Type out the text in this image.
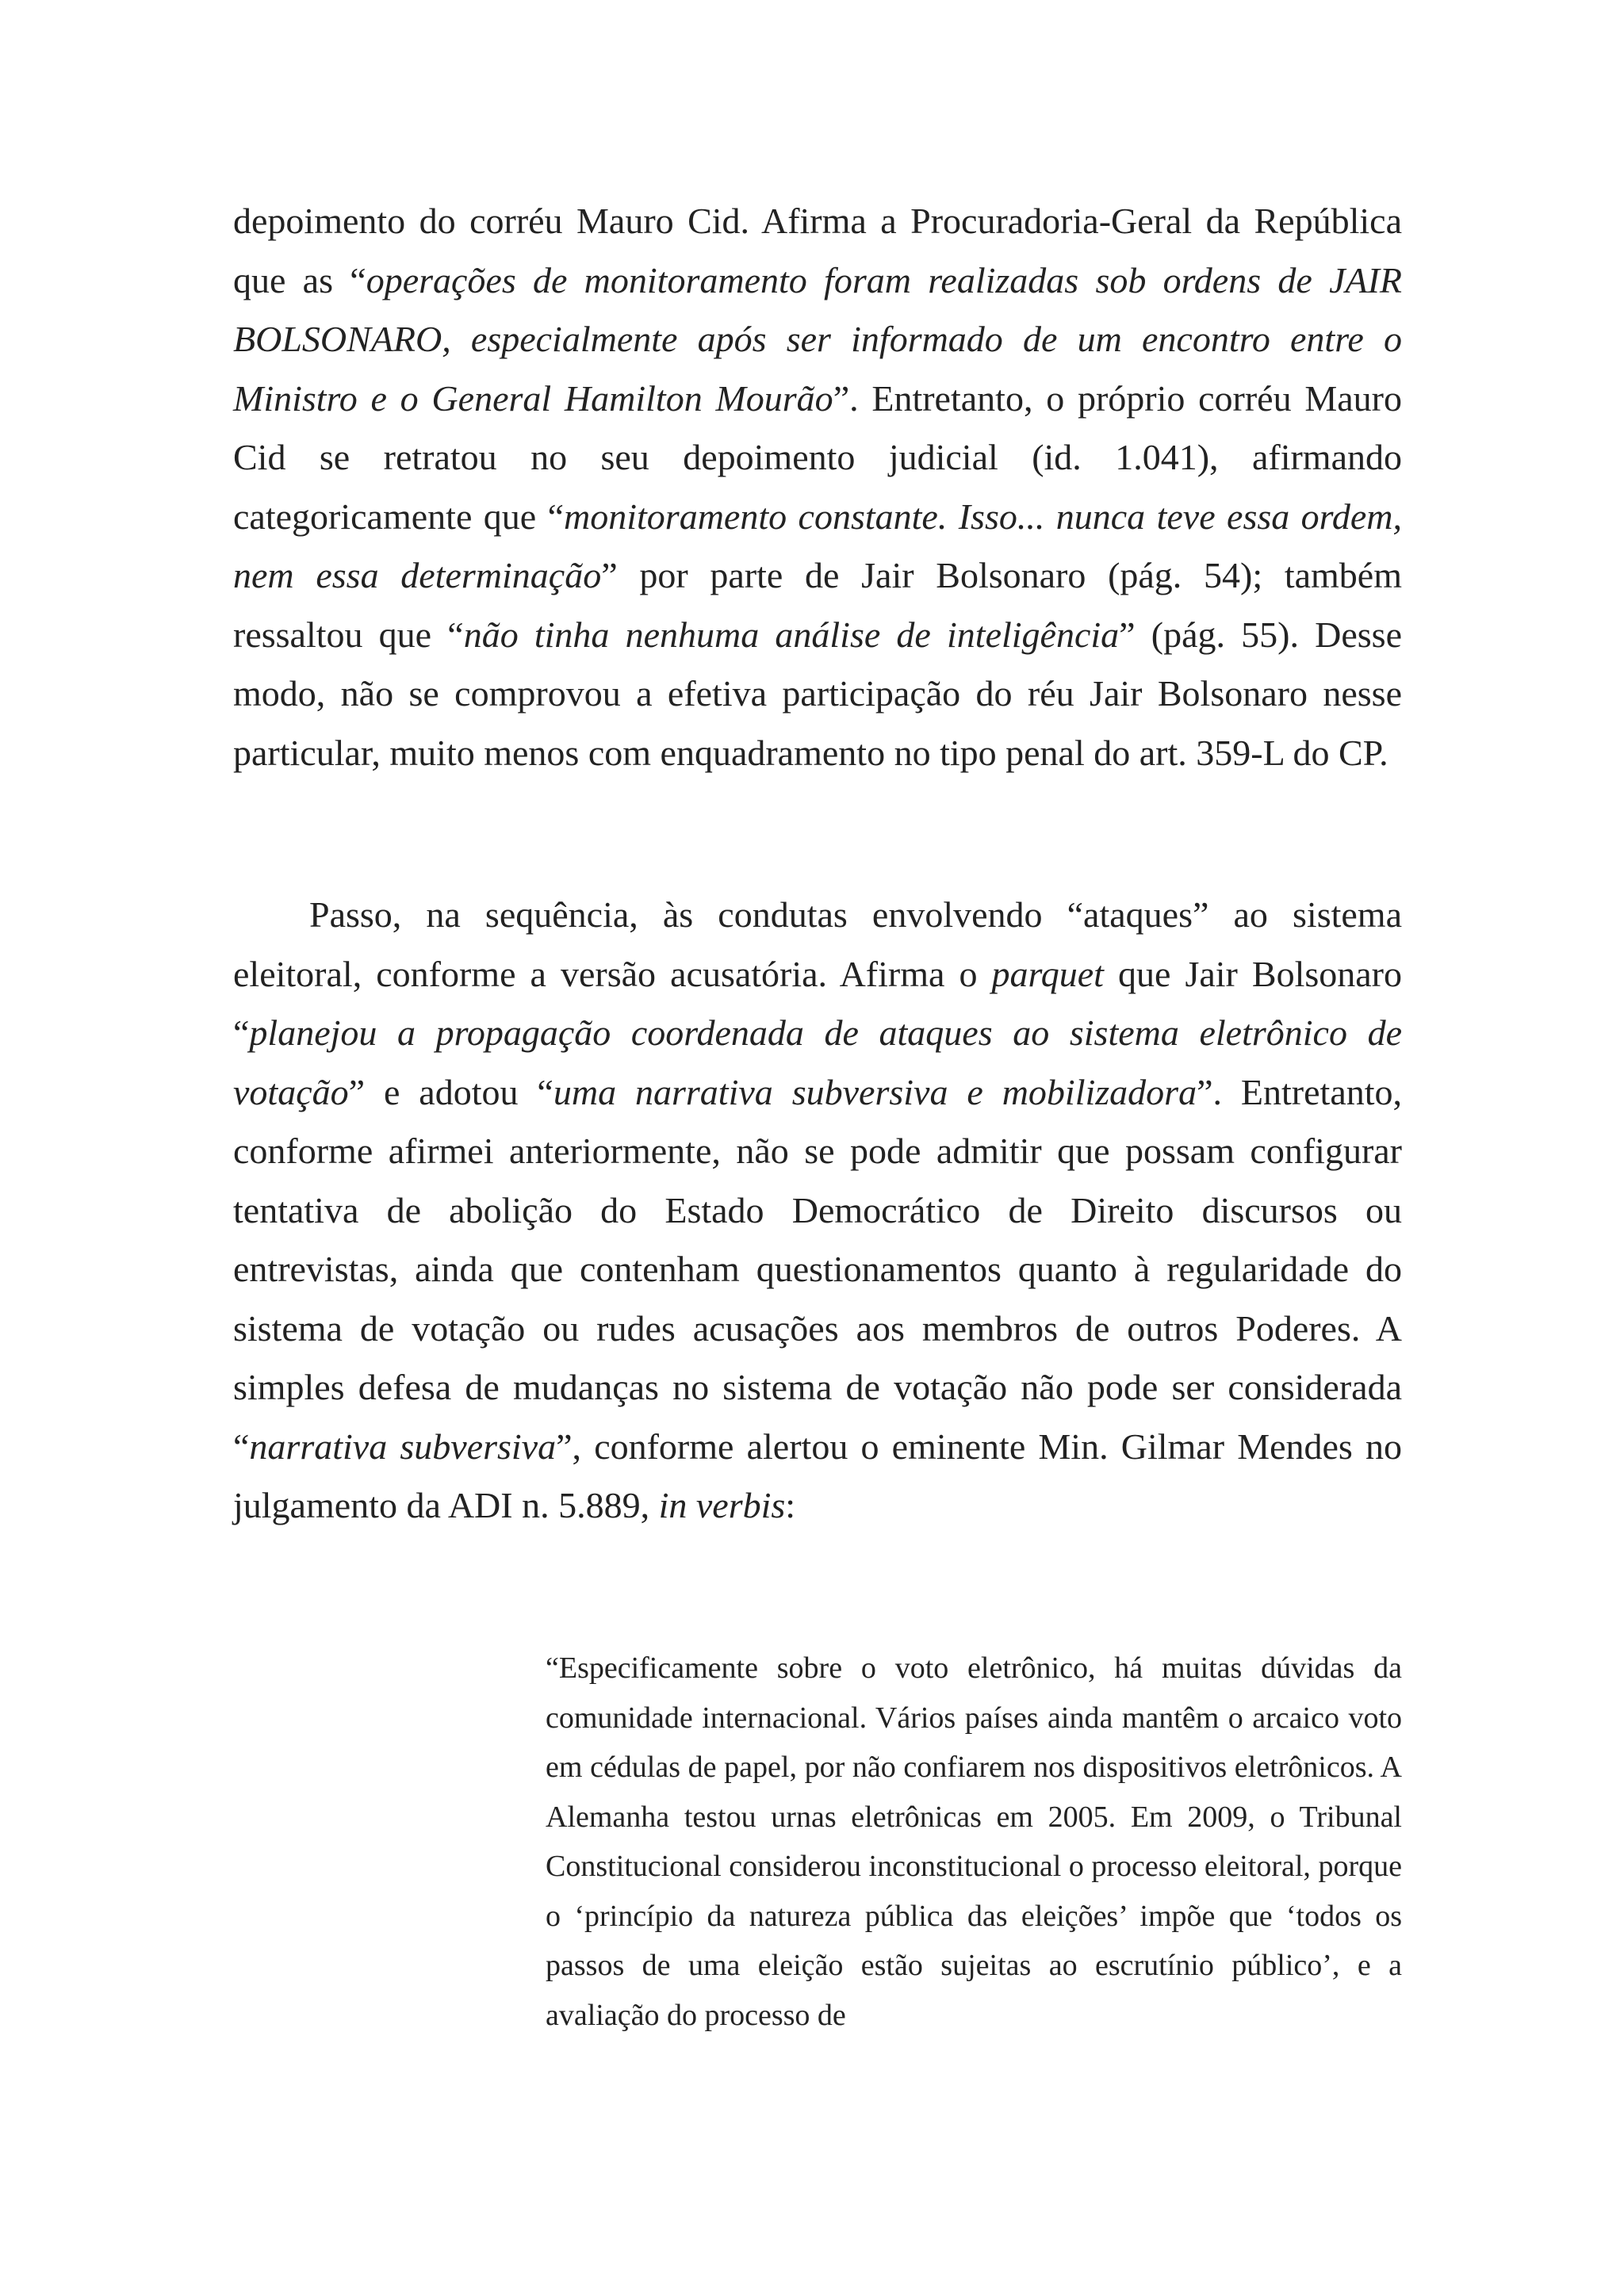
depoimento do corréu Mauro Cid. Afirma a Procuradoria-Geral da República que as “operações de monitoramento foram realizadas sob ordens de JAIR BOLSONARO, especialmente após ser informado de um encontro entre o Ministro e o General Hamilton Mourão”. Entretanto, o próprio corréu Mauro Cid se retratou no seu depoimento judicial (id. 1.041), afirmando categoricamente que “monitoramento constante. Isso... nunca teve essa ordem, nem essa determinação” por parte de Jair Bolsonaro (pág. 54); também ressaltou que “não tinha nenhuma análise de inteligência” (pág. 55). Desse modo, não se comprovou a efetiva participação do réu Jair Bolsonaro nesse particular, muito menos com enquadramento no tipo penal do art. 359-L do CP.

Passo, na sequência, às condutas envolvendo “ataques” ao sistema eleitoral, conforme a versão acusatória. Afirma o parquet que Jair Bolsonaro “planejou a propagação coordenada de ataques ao sistema eletrônico de votação” e adotou “uma narrativa subversiva e mobilizadora”. Entretanto, conforme afirmei anteriormente, não se pode admitir que possam configurar tentativa de abolição do Estado Democrático de Direito discursos ou entrevistas, ainda que contenham questionamentos quanto à regularidade do sistema de votação ou rudes acusações aos membros de outros Poderes. A simples defesa de mudanças no sistema de votação não pode ser considerada “narrativa subversiva”, conforme alertou o eminente Min. Gilmar Mendes no julgamento da ADI n. 5.889, in verbis:

“Especificamente sobre o voto eletrônico, há muitas dúvidas da comunidade internacional. Vários países ainda mantêm o arcaico voto em cédulas de papel, por não confiarem nos dispositivos eletrônicos. A Alemanha testou urnas eletrônicas em 2005. Em 2009, o Tribunal Constitucional considerou inconstitucional o processo eleitoral, porque o ‘princípio da natureza pública das eleições’ impõe que ‘todos os passos de uma eleição estão sujeitas ao escrutínio público’, e a avaliação do processo de
